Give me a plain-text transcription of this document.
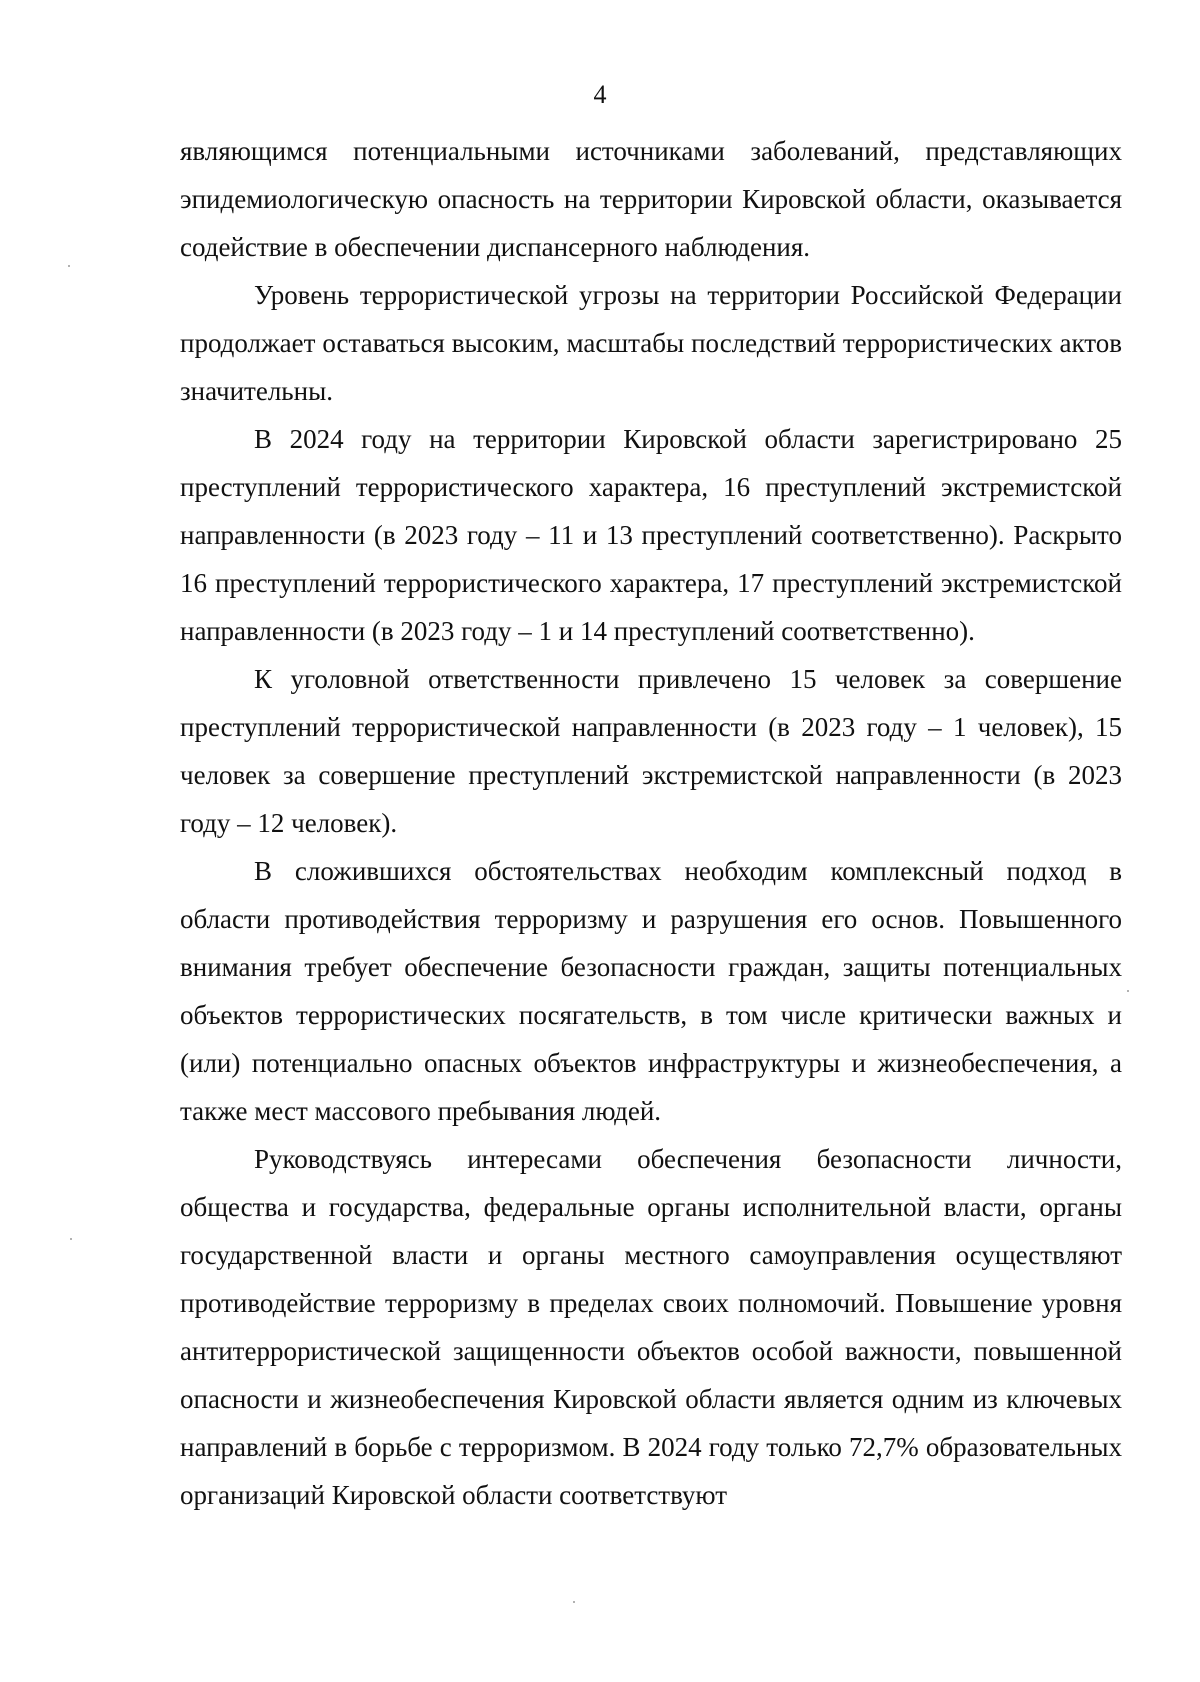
4

являющимся потенциальными источниками заболеваний, представляющих эпидемиологическую опасность на территории Кировской области, оказывается содействие в обеспечении диспансерного наблюдения.

Уровень террористической угрозы на территории Российской Федерации продолжает оставаться высоким, масштабы последствий террористических актов значительны.

В 2024 году на территории Кировской области зарегистрировано 25 преступлений террористического характера, 16 преступлений экстремистской направленности (в 2023 году – 11 и 13 преступлений соответственно). Раскрыто 16 преступлений террористического характера, 17 преступлений экстремистской направленности (в 2023 году – 1 и 14 преступлений соответственно).

К уголовной ответственности привлечено 15 человек за совершение преступлений террористической направленности (в 2023 году – 1 человек), 15 человек за совершение преступлений экстремистской направленности (в 2023 году – 12 человек).

В сложившихся обстоятельствах необходим комплексный подход в области противодействия терроризму и разрушения его основ. Повышенного внимания требует обеспечение безопасности граждан, защиты потенциальных объектов террористических посягательств, в том числе критически важных и (или) потенциально опасных объектов инфраструктуры и жизнеобеспечения, а также мест массового пребывания людей.

Руководствуясь интересами обеспечения безопасности личности, общества и государства, федеральные органы исполнительной власти, органы государственной власти и органы местного самоуправления осуществляют противодействие терроризму в пределах своих полномочий. Повышение уровня антитеррористической защищенности объектов особой важности, повышенной опасности и жизнеобеспечения Кировской области является одним из ключевых направлений в борьбе с терроризмом. В 2024 году только 72,7% образовательных организаций Кировской области соответствуют
